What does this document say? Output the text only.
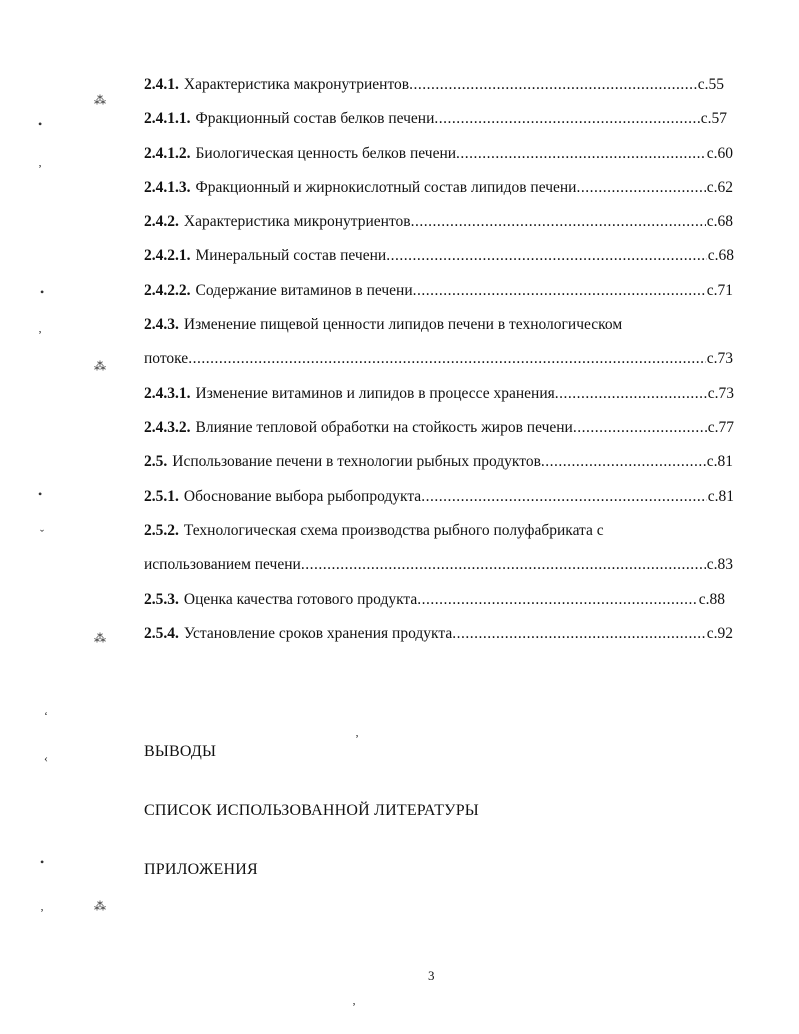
2.4.1. Характеристика макронутриентов .....	с.55
2.4.1.1. Фракционный состав белков печени .....	с.57
2.4.1.2. Биологическая ценность белков печени .....	с.60
2.4.1.3. Фракционный и жирнокислотный состав липидов печени .....	с.62
2.4.2. Характеристика микронутриентов .....	с.68
2.4.2.1. Минеральный состав печени .....	с.68
2.4.2.2. Содержание витаминов в печени .....	с.71
2.4.3. Изменение пищевой ценности липидов печени в технологическом
потоке .....	с.73
2.4.3.1. Изменение витаминов и липидов в процессе хранения .....	с.73
2.4.3.2. Влияние тепловой обработки на стойкость жиров печени .....	с.77
2.5. Использование печени в технологии рыбных продуктов .....	с.81
2.5.1. Обоснование выбора рыбопродукта .....	с.81
2.5.2. Технологическая схема производства рыбного полуфабриката с
использованием печени .....	с.83
2.5.3. Оценка качества готового продукта .....	с.88
2.5.4. Установление сроков хранения продукта .....	с.92
ВЫВОДЫ
СПИСОК ИСПОЛЬЗОВАННОЙ ЛИТЕРАТУРЫ
ПРИЛОЖЕНИЯ
3
⁂
•
‚
•
‚
⁂
•
ˇ
⁂
‘
‹
•
‚	⁂
‚
‚
